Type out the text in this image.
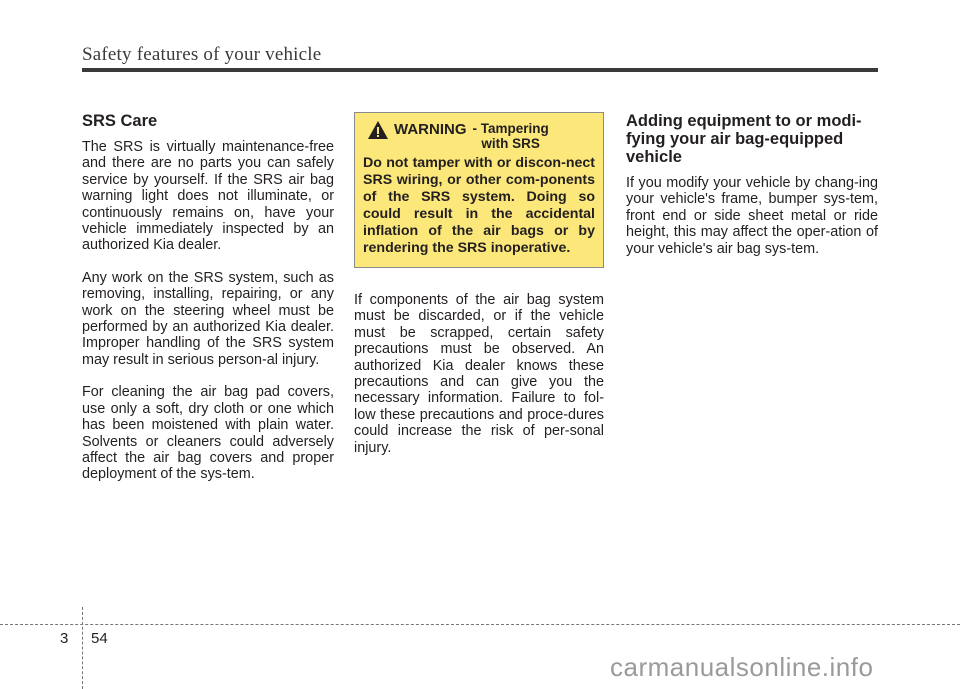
Safety features of your vehicle
SRS Care

The SRS is virtually maintenance-free and there are no parts you can safely service by yourself. If the SRS air bag warning light does not illuminate, or continuously remains on, have your vehicle immediately inspected by an authorized Kia dealer.

Any work on the SRS system, such as removing, installing, repairing, or any work on the steering wheel must be performed by an authorized Kia dealer. Improper handling of the SRS system may result in serious person-al injury.

For cleaning the air bag pad covers, use only a soft, dry cloth or one which has been moistened with plain water. Solvents or cleaners could adversely affect the air bag covers and proper deployment of the sys-tem.

WARNING - Tampering
with SRS
Do not tamper with or discon-nect SRS wiring, or other com-ponents of the SRS system. Doing so could result in the accidental inflation of the air bags or by rendering the SRS inoperative.

If components of the air bag system must be discarded, or if the vehicle must be scrapped, certain safety precautions must be observed. An authorized Kia dealer knows these precautions and can give you the necessary information. Failure to fol-low these precautions and proce-dures could increase the risk of per-sonal injury.

Adding equipment to or modi-fying your air bag-equipped vehicle

If you modify your vehicle by chang-ing your vehicle's frame, bumper sys-tem, front end or side sheet metal or ride height, this may affect the oper-ation of your vehicle's air bag sys-tem.

3 54
carmanualsonline.info
